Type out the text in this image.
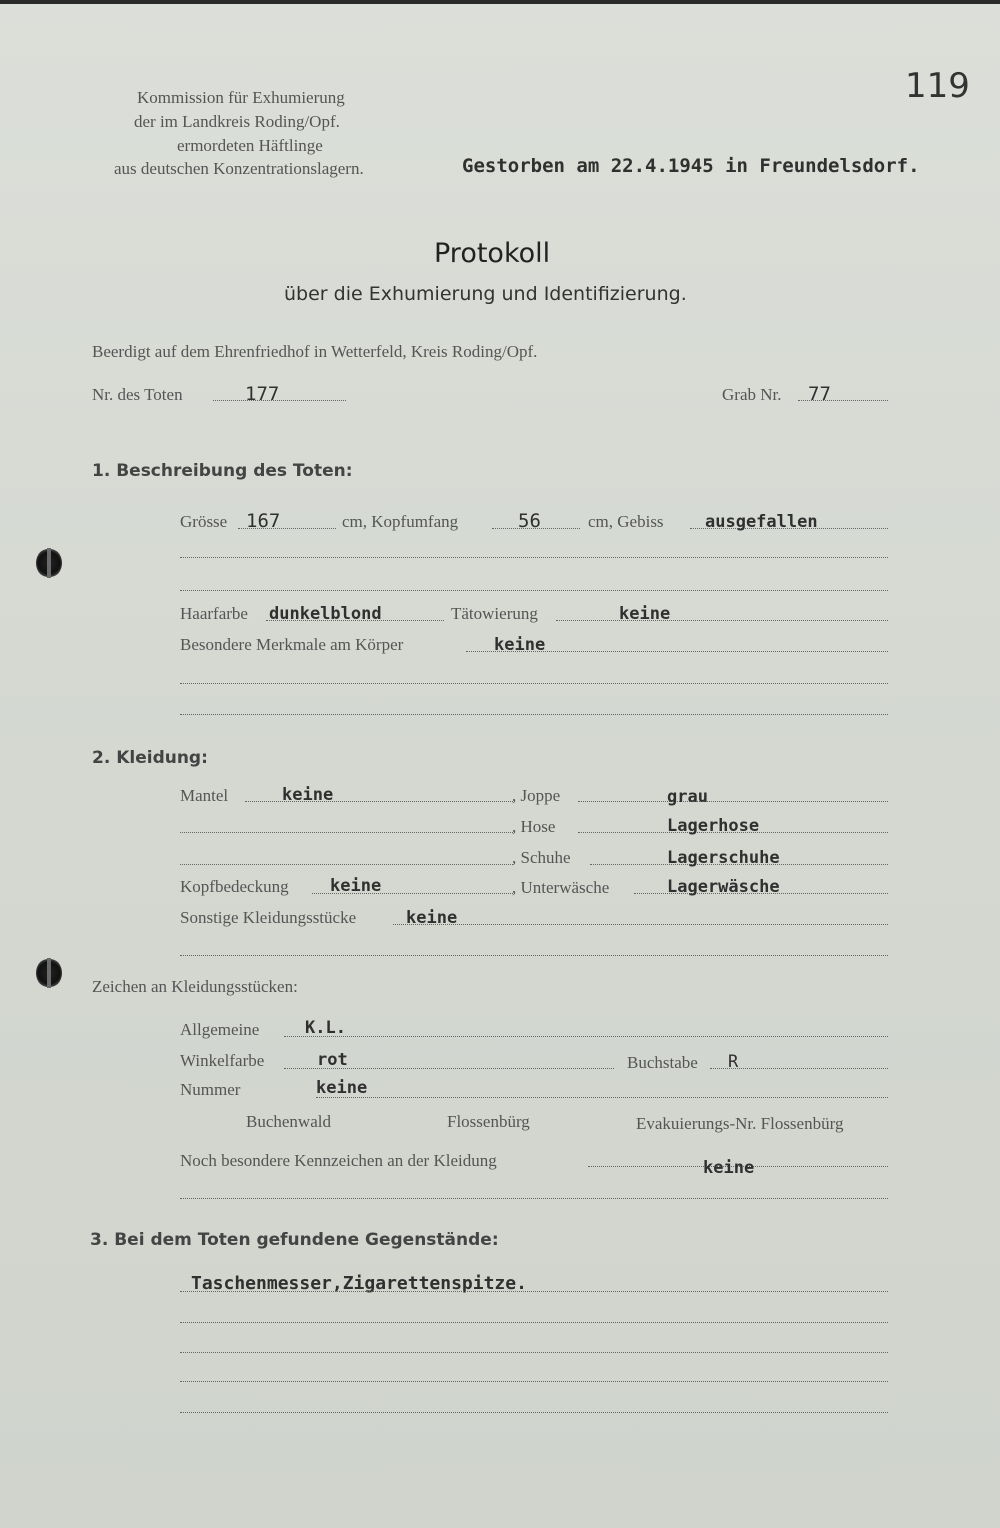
119
Kommission für Exhumierung
der im Landkreis Roding/Opf.
ermordeten Häftlinge
aus deutschen Konzentrationslagern.	Gestorben am 22.4.1945 in Freundelsdorf.
Protokoll
über die Exhumierung und Identifizierung.
Beerdigt auf dem Ehrenfriedhof in Wetterfeld, Kreis Roding/Opf.
Nr. des Toten	177	Grab Nr. 77
1. Beschreibung des Toten:
Grösse 167	cm, Kopfumfang	56	cm, Gebiss ausgefallen
Haarfarbe dunkelblond	Tätowierung	keine
Besondere Merkmale am Körper	keine
2. Kleidung:
Mantel	keine	, Joppe	grau
, Hose	Lagerhose
, Schuhe	Lagerschuhe
Kopfbedeckung keine	, Unterwäsche	Lagerwäsche
Sonstige Kleidungsstücke	keine
Zeichen an Kleidungsstücken:
Allgemeine	K.L.
Winkelfarbe	rot	Buchstabe R
Nummer	keine
Buchenwald	Flossenbürg	Evakuierungs-Nr. Flossenbürg
Noch besondere Kennzeichen an der Kleidung	keine
3. Bei dem Toten gefundene Gegenstände:
Taschenmesser,Zigarettenspitze.
